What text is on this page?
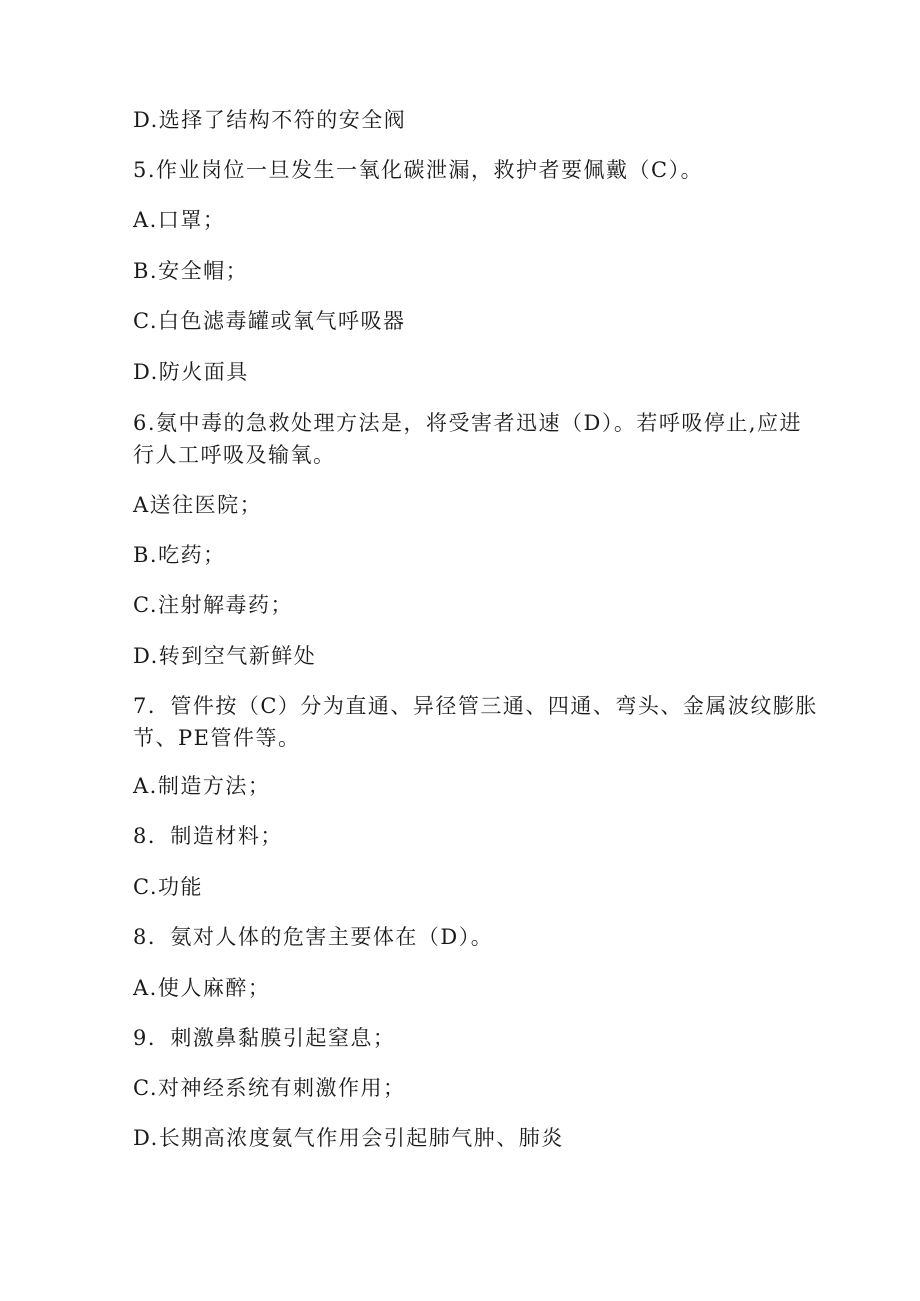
D.选择了结构不符的安全阀
5.作业岗位一旦发生一氧化碳泄漏，救护者要佩戴（C）。
A.口罩；
B.安全帽；
C.白色滤毒罐或氧气呼吸器
D.防火面具
6.氨中毒的急救处理方法是，将受害者迅速（D）。若呼吸停止,应进
行人工呼吸及输氧。
A送往医院；
B.吃药；
C.注射解毒药；
D.转到空气新鲜处
7．管件按（C）分为直通、异径管三通、四通、弯头、金属波纹膨胀
节、PE管件等。
A.制造方法；
8．制造材料；
C.功能
8．氨对人体的危害主要体在（D）。
A.使人麻醉；
9．刺激鼻黏膜引起窒息；
C.对神经系统有刺激作用；
D.长期高浓度氨气作用会引起肺气肿、肺炎
